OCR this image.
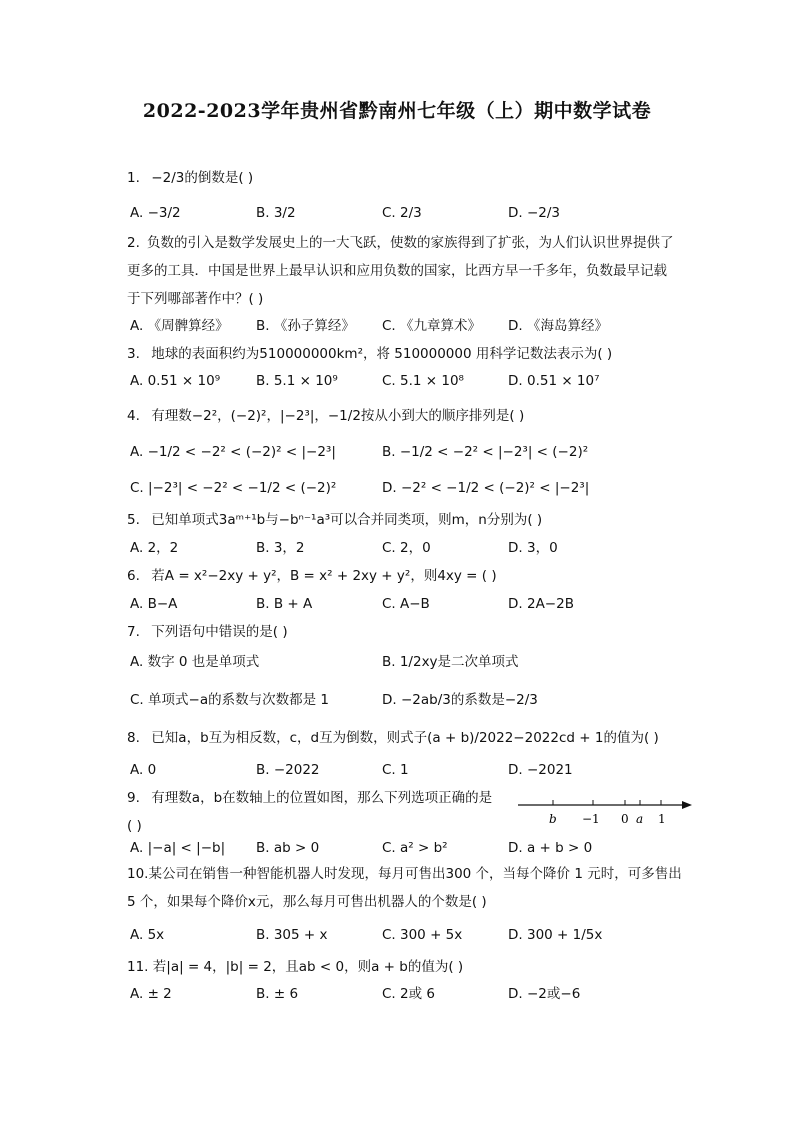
2022-2023学年贵州省黔南州七年级（上）期中数学试卷
1. −2/3的倒数是( )
A. −3/2	B. 3/2	C. 2/3	D. −2/3
2. 负数的引入是数学发展史上的一大飞跃，使数的家族得到了扩张，为人们认识世界提供了
更多的工具．中国是世界上最早认识和应用负数的国家，比西方早一千多年，负数最早记载
于下列哪部著作中？( )
A. 《周髀算经》 B. 《孙子算经》 C. 《九章算术》 D. 《海岛算经》
3. 地球的表面积约为510000000km²，将 510000000 用科学记数法表示为( )
A. 0.51 × 10⁹	B. 5.1 × 10⁹	C. 5.1 × 10⁸	D. 0.51 × 10⁷
4. 有理数−2²，(−2)²，|−2³|，−1/2按从小到大的顺序排列是( )
A. −1/2 < −2² < (−2)² < |−2³|	B. −1/2 < −2² < |−2³| < (−2)²
C. |−2³| < −2² < −1/2 < (−2)²	D. −2² < −1/2 < (−2)² < |−2³|
5. 已知单项式3aᵐ⁺¹b与−bⁿ⁻¹a³可以合并同类项，则m，n分别为( )
A. 2，2	B. 3，2	C. 2，0	D. 3，0
6. 若A = x²−2xy + y²，B = x² + 2xy + y²，则4xy = ( )
A. B−A	B. B + A	C. A−B	D. 2A−2B
7. 下列语句中错误的是( )
A. 数字 0 也是单项式	B. 1/2xy是二次单项式
C. 单项式−a的系数与次数都是 1	D. −2ab/3的系数是−2/3
8. 已知a，b互为相反数，c，d互为倒数，则式子(a + b)/2022−2022cd + 1的值为( )
A. 0	B. −2022	C. 1	D. −2021
9. 有理数a，b在数轴上的位置如图，那么下列选项正确的是
( )	b −1 0 a 1
A. |−a| < |−b| B. ab > 0	C. a² > b²	D. a + b > 0
10.某公司在销售一种智能机器人时发现，每月可售出300 个，当每个降价 1 元时，可多售出
5 个，如果每个降价x元，那么每月可售出机器人的个数是( )
A. 5x	B. 305 + x	C. 300 + 5x	D. 300 + 1/5x
11. 若|a| = 4，|b| = 2，且ab < 0，则a + b的值为( )
A. ± 2	B. ± 6	C. 2或 6	D. −2或−6
